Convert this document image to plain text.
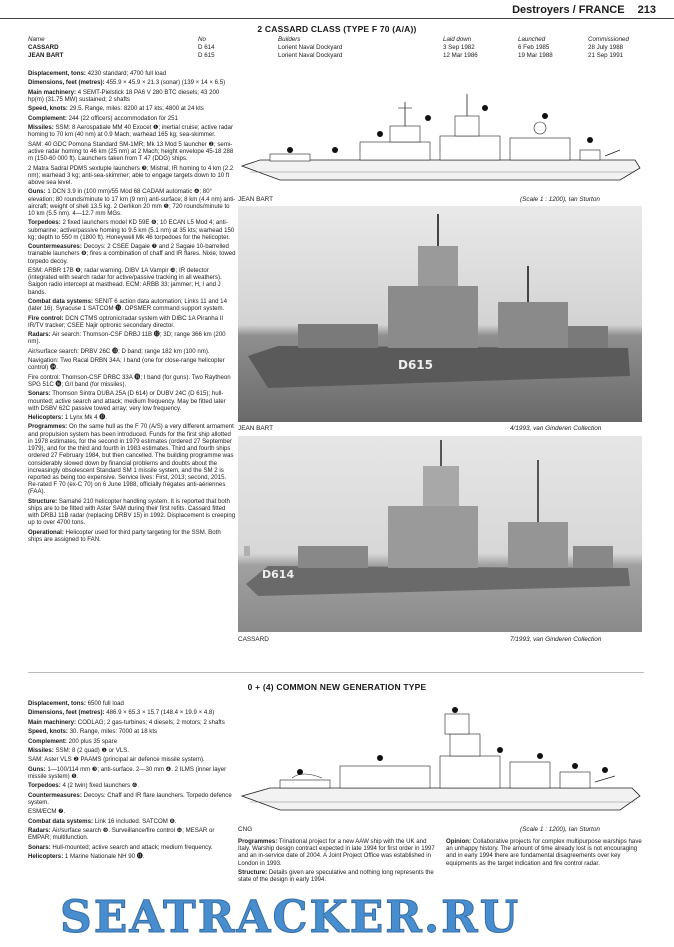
Destroyers / FRANCE 213
2 CASSARD CLASS (TYPE F 70 (A/A))
Name	No	Builders	Laid down	Launched	Commissioned
CASSARD	D 614	Lorient Naval Dockyard	3 Sep 1982	6 Feb 1985	28 July 1988
JEAN BART	D 615	Lorient Naval Dockyard	12 Mar 1986	19 Mar 1988	21 Sep 1991

Displacement, tons: 4230 standard; 4700 full load

Dimensions, feet (metres): 455.9 × 45.9 × 21.3 (sonar) (139 × 14 × 6.5)

Main machinery: 4 SEMT-Pielstick 18 PA6 V 280 BTC diesels; 43 200 hp(m) (31.75 MW) sustained; 2 shafts

Speed, knots: 29.5. Range, miles: 8200 at 17 kts; 4800 at 24 kts

Complement: 244 (22 officers) accommodation for 251

Missiles: SSM: 8 Aerospatiale MM 40 Exocet ❶; inertial cruise; active radar homing to 70 km (40 nm) at 0.9 Mach; warhead 165 kg; sea-skimmer.

SAM: 40 GDC Pomona Standard SM-1MR; Mk 13 Mod 5 launcher ❷; semi-active radar homing to 46 km (25 nm) at 2 Mach; height envelope 45-18 288 m (150-60 000 ft). Launchers taken from T 47 (DDG) ships.

2 Matra Sadral PDMS sextuple launchers ❸; Mistral; IR homing to 4 km (2.2 nm); warhead 3 kg; anti-sea-skimmer; able to engage targets down to 10 ft above sea level.

Guns: 1 DCN 3.9 in (100 mm)/55 Mod 68 CADAM automatic ❹; 80° elevation; 80 rounds/minute to 17 km (9 nm) anti-surface; 8 km (4.4 nm) anti-aircraft; weight of shell 13.5 kg. 2 Oerlikon 20 mm ❺; 720 rounds/minute to 10 km (5.5 nm). 4—12.7 mm MGs.

Torpedoes: 2 fixed launchers model KD 59E ❻; 10 ECAN L5 Mod 4; anti-submarine; active/passive homing to 9.5 km (5.1 nm) at 35 kts; warhead 150 kg; depth to 550 m (1800 ft). Honeywell Mk 46 torpedoes for the helicopter.

Countermeasures: Decoys: 2 CSEE Dagaie ❼ and 2 Sagaie 10-barrelled trainable launchers ❽; fires a combination of chaff and IR flares. Nixie; towed torpedo decoy.

ESM: ARBR 17B ❾; radar warning. DIBV 1A Vampir ❿; IR detector (integrated with search radar for active/passive tracking in all weathers). Saigon radio intercept at masthead. ECM: ARBB 33; jammer; H, I and J bands.

Combat data systems: SENIT 6 action data automation; Links 11 and 14 (later 16). Syracuse 1 SATCOM ⓫. OPSMER command support system.

Fire control: DCN CTMS optronic/radar system with DIBC 1A Piranha II IR/TV tracker; CSEE Najir optronic secondary director.

Radars: Air search: Thomson-CSF DRBJ 11B ⓬; 3D; range 366 km (200 nm).

Air/surface search: DRBV 26C ⓭; D band; range 182 km (100 nm).

Navigation: Two Racal DRBN 34A; I band (one for close-range helicopter control) ⓮.

Fire control: Thomson-CSF DRBC 33A ⓯; I band (for guns). Two Raytheon SPG 51C ⓰; G/I band (for missiles).

Sonars: Thomson Sintra DUBA 25A (D 614) or DUBV 24C (D 615); hull-mounted; active search and attack; medium frequency. May be fitted later with DSBV 62C passive towed array; very low frequency.

Helicopters: 1 Lynx Mk 4 ⓱.

Programmes: On the same hull as the F 70 (A/S) a very different armament and propulsion system has been introduced. Funds for the first ship allotted in 1978 estimates, for the second in 1979 estimates (ordered 27 September 1979), and for the third and fourth in 1983 estimates. Third and fourth ships ordered 27 February 1984, but then cancelled. The building programme was considerably slowed down by financial problems and doubts about the increasingly obsolescent Standard SM 1 missile system, and the SM 2 is reported as being too expensive. Service lives: First, 2013; second, 2015. Re-rated F 70 (ex-C 70) on 6 June 1988, officially frégates anti-aériennes (FAA).

Structure: Samahé 210 helicopter handling system. It is reported that both ships are to be fitted with Aster SAM during their first refits. Cassard fitted with DRBJ 11B radar (replacing DRBV 15) in 1992. Displacement is creeping up to over 4700 tons.

Operational: Helicopter used for third party targeting for the SSM. Both ships are assigned to FAN.

JEAN BART	(Scale 1 : 1200), Ian Sturton
D615
JEAN BART	4/1993, van Ginderen Collection
D614
CASSARD	7/1993, van Ginderen Collection
0 + (4) COMMON NEW GENERATION TYPE

Displacement, tons: 6500 full load

Dimensions, feet (metres): 486.9 × 65.3 × 15.7 (148.4 × 19.9 × 4.8)

Main machinery: CODLAG; 2 gas-turbines; 4 diesels; 2 motors; 2 shafts

Speed, knots: 30. Range, miles: 7000 at 18 kts

Complement: 200 plus 35 spare

Missiles: SSM: 8 (2 quad) ❶ or VLS.

SAM: Aster VLS ❷ PAAMS (principal air defence missile system).

Guns: 1—100/114 mm ❸; anti-surface. 2—30 mm ❹. 2 ILMS (inner layer missile system) ❺.

Torpedoes: 4 (2 twin) fixed launchers ❻.

Countermeasures: Decoys: Chaff and IR flare launchers. Torpedo defence system.

ESM/ECM ❼.

Combat data systems: Link 16 included. SATCOM ❽.

Radars: Air/surface search ❾. Surveillance/fire control ❿; MESAR or EMPAR; multifunction.

Sonars: Hull-mounted; active search and attack; medium frequency.

Helicopters: 1 Marine Nationale NH 90 ⓫.

CNG	(Scale 1 : 1200), Ian Sturton

Programmes: Trinational project for a new AAW ship with the UK and Italy. Warship design contract expected in late 1994 for first order in 1997 and an in-service date of 2004. A Joint Project Office was established in London in 1993.

Structure: Details given are speculative and nothing long represents the state of the design in early 1994.

Opinion: Collaborative projects for complex multipurpose warships have an unhappy history. The amount of time already lost is not encouraging and in early 1994 there are fundamental disagreements over key equipments as the target indication and fire control radar.

SEATRACKER.RU
